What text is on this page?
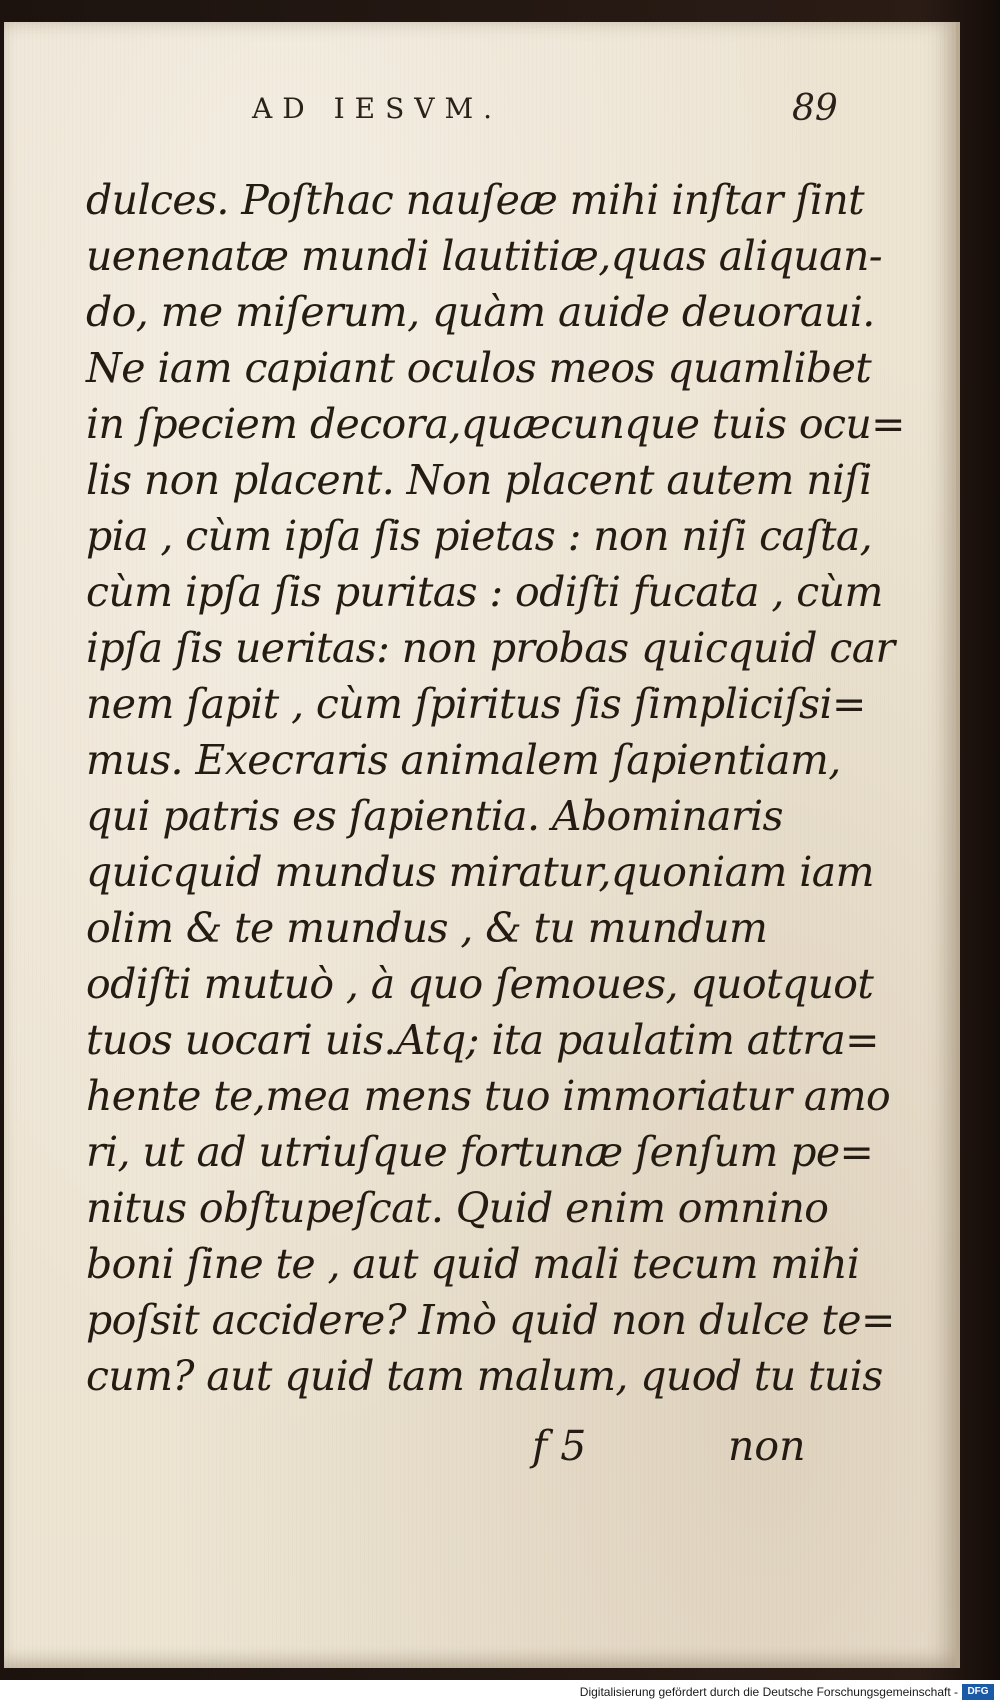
AD IESVM.	89
dulces. Poſthac nauſeæ mihi inſtar ſint
uenenatæ mundi lautitiæ,quas aliquan-
do, me miſerum, quàm auide deuoraui.
Ne iam capiant oculos meos quamlibet
in ſpeciem decora,quæcunque tuis ocu=
lis non placent. Non placent autem niſi
pia , cùm ipſa ſis pietas : non niſi caſta,
cùm ipſa ſis puritas : odiſti fucata , cùm
ipſa ſis ueritas: non probas quicquid car
nem ſapit , cùm ſpiritus ſis ſimpliciſsi=
mus. Execraris animalem ſapientiam,
qui patris es ſapientia. Abominaris
quicquid mundus miratur,quoniam iam
olim & te mundus , & tu mundum
odiſti mutuò , à quo ſemoues, quotquot
tuos uocari uis.Atq; ita paulatim attra=
hente te,mea mens tuo immoriatur amo
ri, ut ad utriuſque fortunæ ſenſum pe=
nitus obſtupeſcat. Quid enim omnino
boni ſine te , aut quid mali tecum mihi
poſsit accidere? Imò quid non dulce te=
cum? aut quid tam malum, quod tu tuis
f 5	non
Digitalisierung gefördert durch die Deutsche Forschungsgemeinschaft - DFG
